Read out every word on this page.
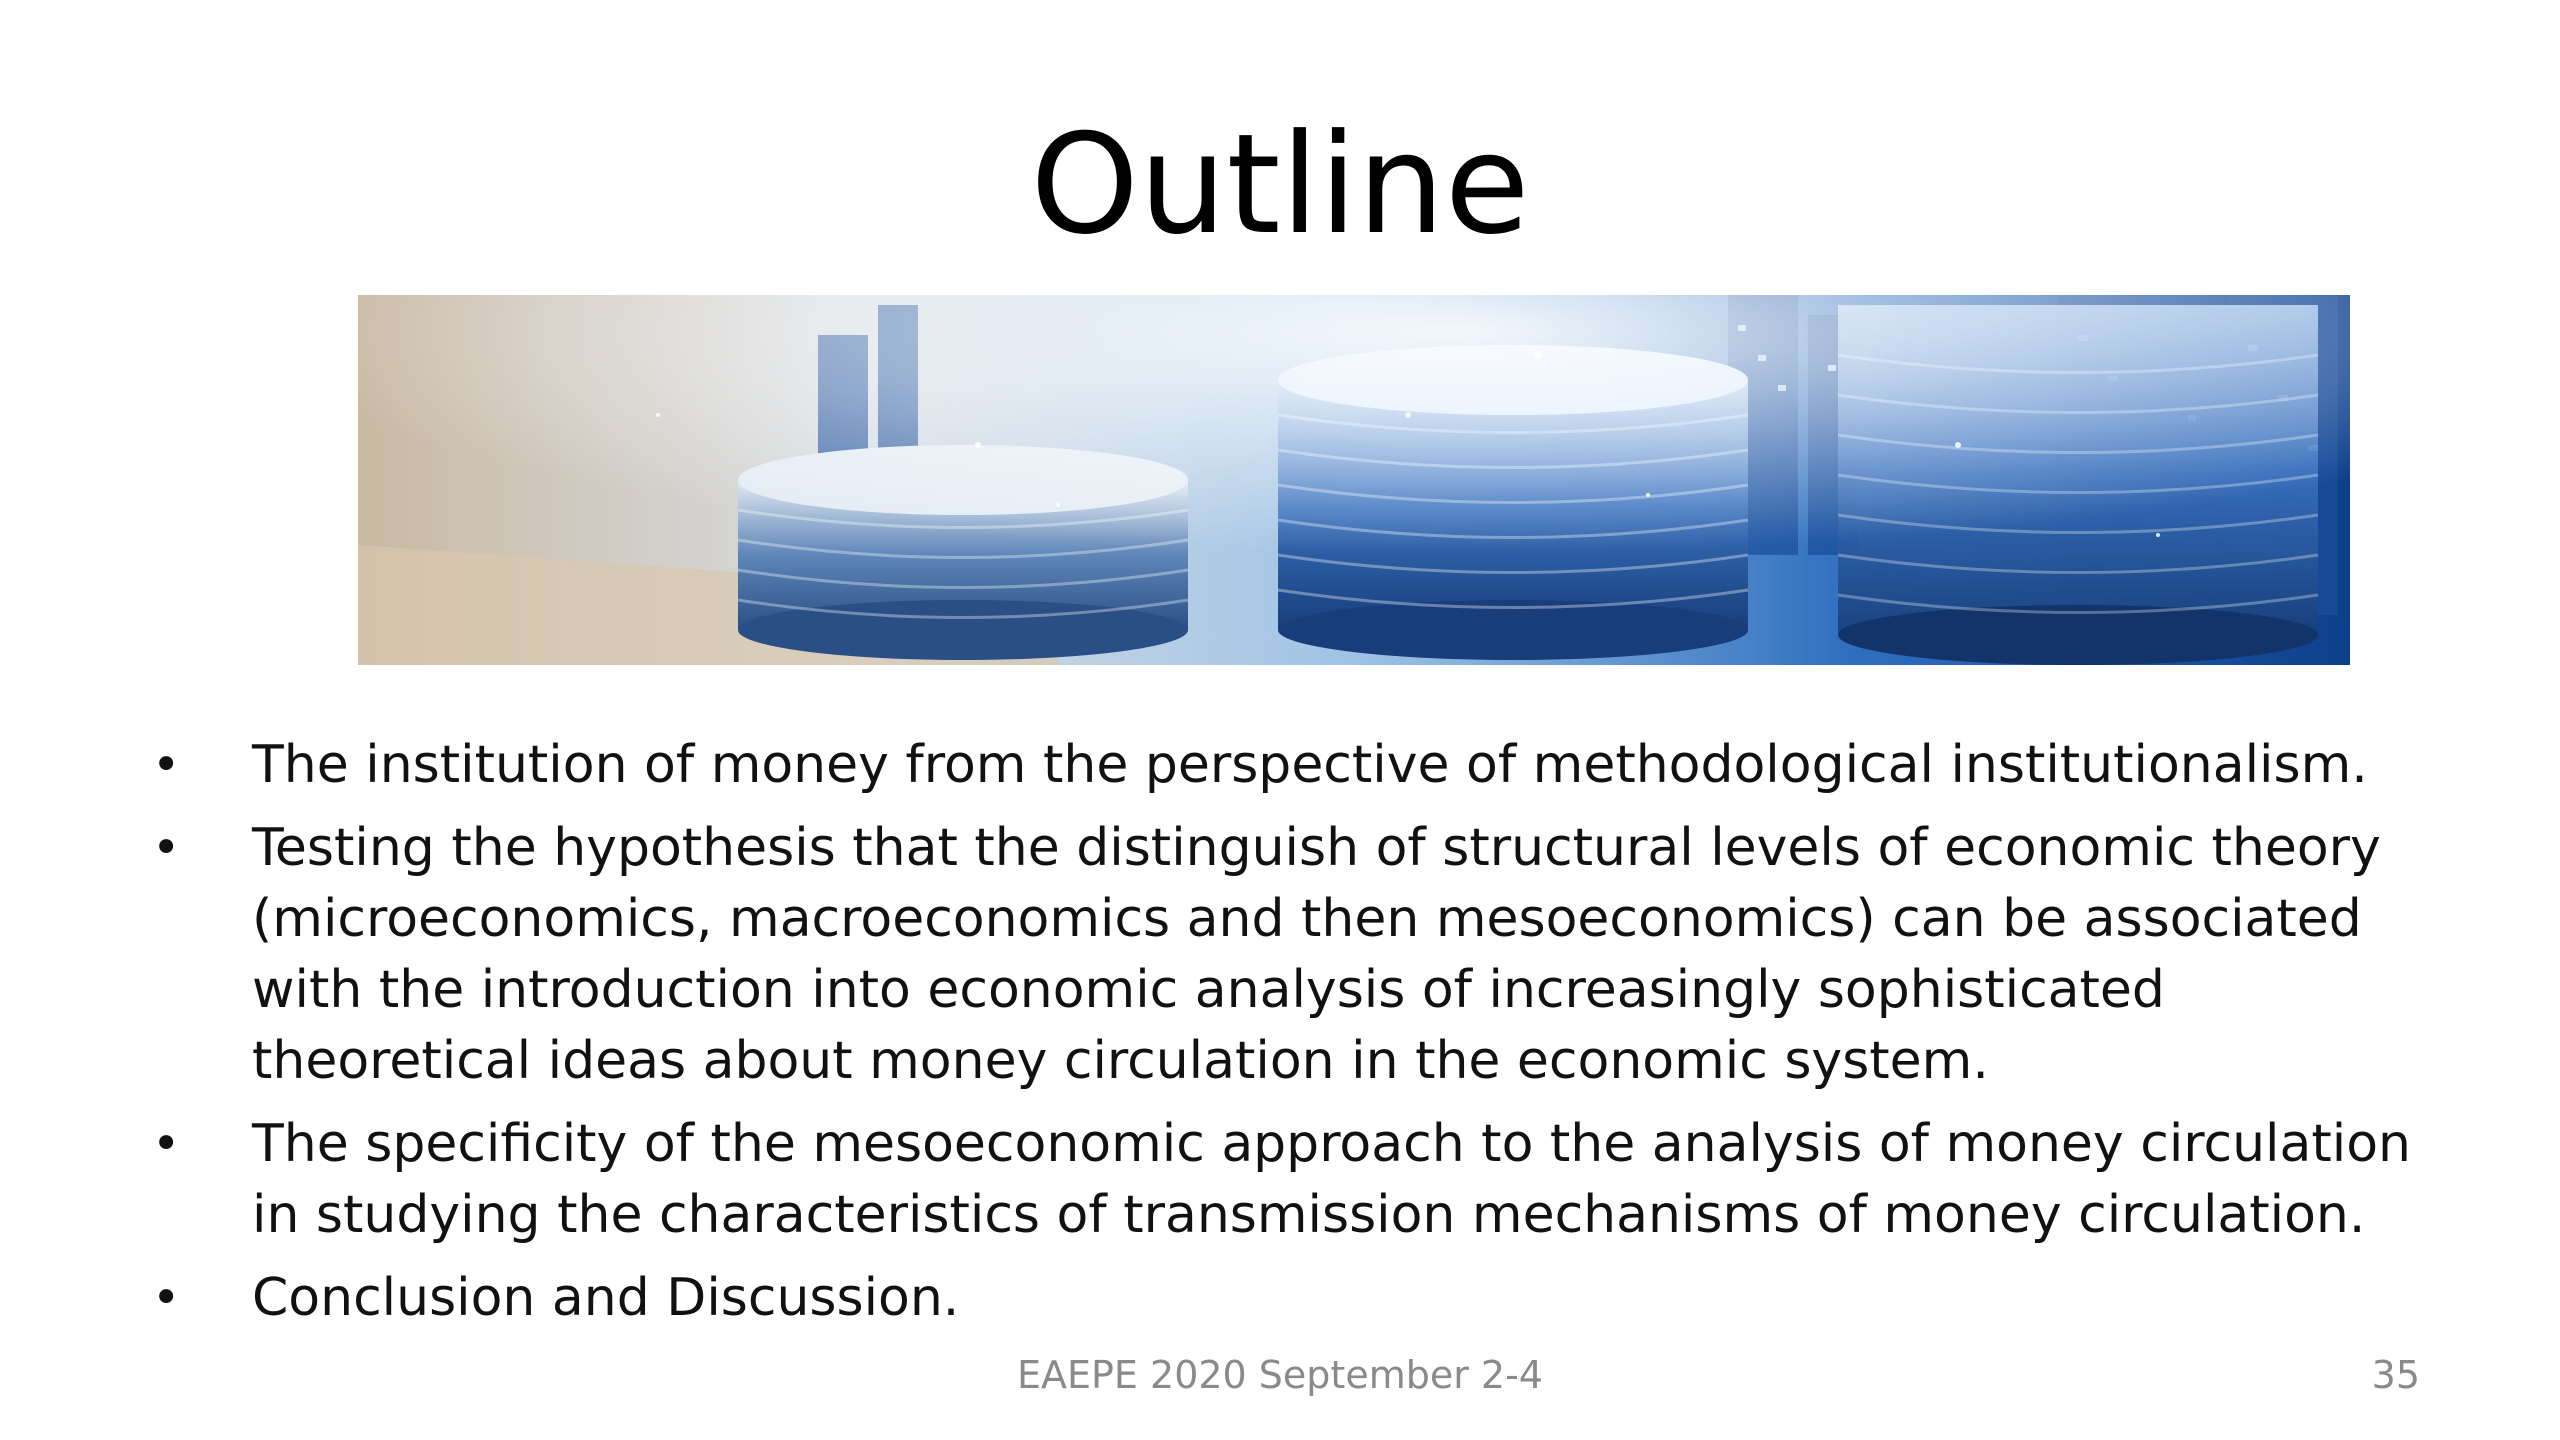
Outline
• The institution of money from the perspective of methodological institutionalism.
• Testing the hypothesis that the distinguish of structural levels of economic theory (microeconomics, macroeconomics and then mesoeconomics) can be associated with the introduction into economic analysis of increasingly sophisticated theoretical ideas about money circulation in the economic system.
• The specificity of the mesoeconomic approach to the analysis of money circulation in studying the characteristics of transmission mechanisms of money circulation.
• Conclusion and Discussion.
EAEPE 2020 September 2-4	35
